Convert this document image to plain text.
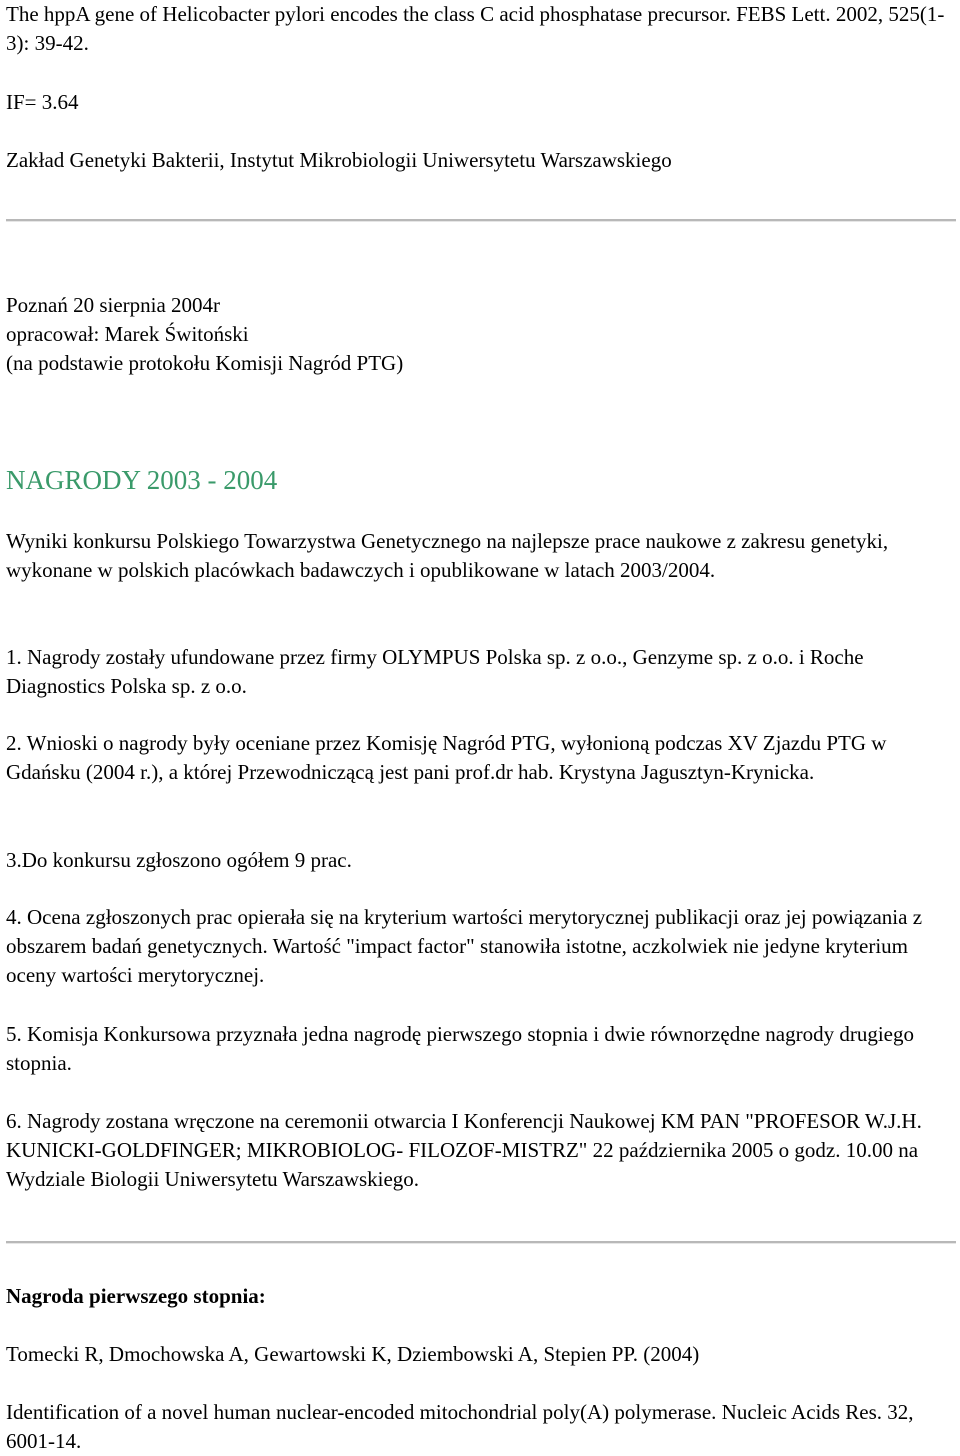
The hppA gene of Helicobacter pylori encodes the class C acid phosphatase precursor. FEBS Lett. 2002, 525(1-3): 39-42.

IF= 3.64

Zakład Genetyki Bakterii, Instytut Mikrobiologii Uniwersytetu Warszawskiego

Poznań 20 sierpnia 2004r

opracował: Marek Świtoński

(na podstawie protokołu Komisji Nagród PTG)

NAGRODY 2003 - 2004

Wyniki konkursu Polskiego Towarzystwa Genetycznego na najlepsze prace naukowe z zakresu genetyki, wykonane w polskich placówkach badawczych i opublikowane w latach 2003/2004.

1. Nagrody zostały ufundowane przez firmy OLYMPUS Polska sp. z o.o., Genzyme sp. z o.o. i Roche Diagnostics Polska sp. z o.o.

2. Wnioski o nagrody były oceniane przez Komisję Nagród PTG, wyłonioną podczas XV Zjazdu PTG w Gdańsku (2004 r.), a której Przewodniczącą jest pani prof.dr hab. Krystyna Jagusztyn-Krynicka.

3.Do konkursu zgłoszono ogółem 9 prac.

4. Ocena zgłoszonych prac opierała się na kryterium wartości merytorycznej publikacji oraz jej powiązania z obszarem badań genetycznych. Wartość "impact factor" stanowiła istotne, aczkolwiek nie jedyne kryterium oceny wartości merytorycznej.

5. Komisja Konkursowa przyznała jedna nagrodę pierwszego stopnia i dwie równorzędne nagrody drugiego stopnia.

6. Nagrody zostana wręczone na ceremonii otwarcia I Konferencji Naukowej KM PAN "PROFESOR W.J.H. KUNICKI-GOLDFINGER; MIKROBIOLOG- FILOZOF-MISTRZ" 22 października 2005 o godz. 10.00 na Wydziale Biologii Uniwersytetu Warszawskiego.

Nagroda pierwszego stopnia:

Tomecki R, Dmochowska A, Gewartowski K, Dziembowski A, Stepien PP. (2004)

Identification of a novel human nuclear-encoded mitochondrial poly(A) polymerase. Nucleic Acids Res. 32, 6001-14.
